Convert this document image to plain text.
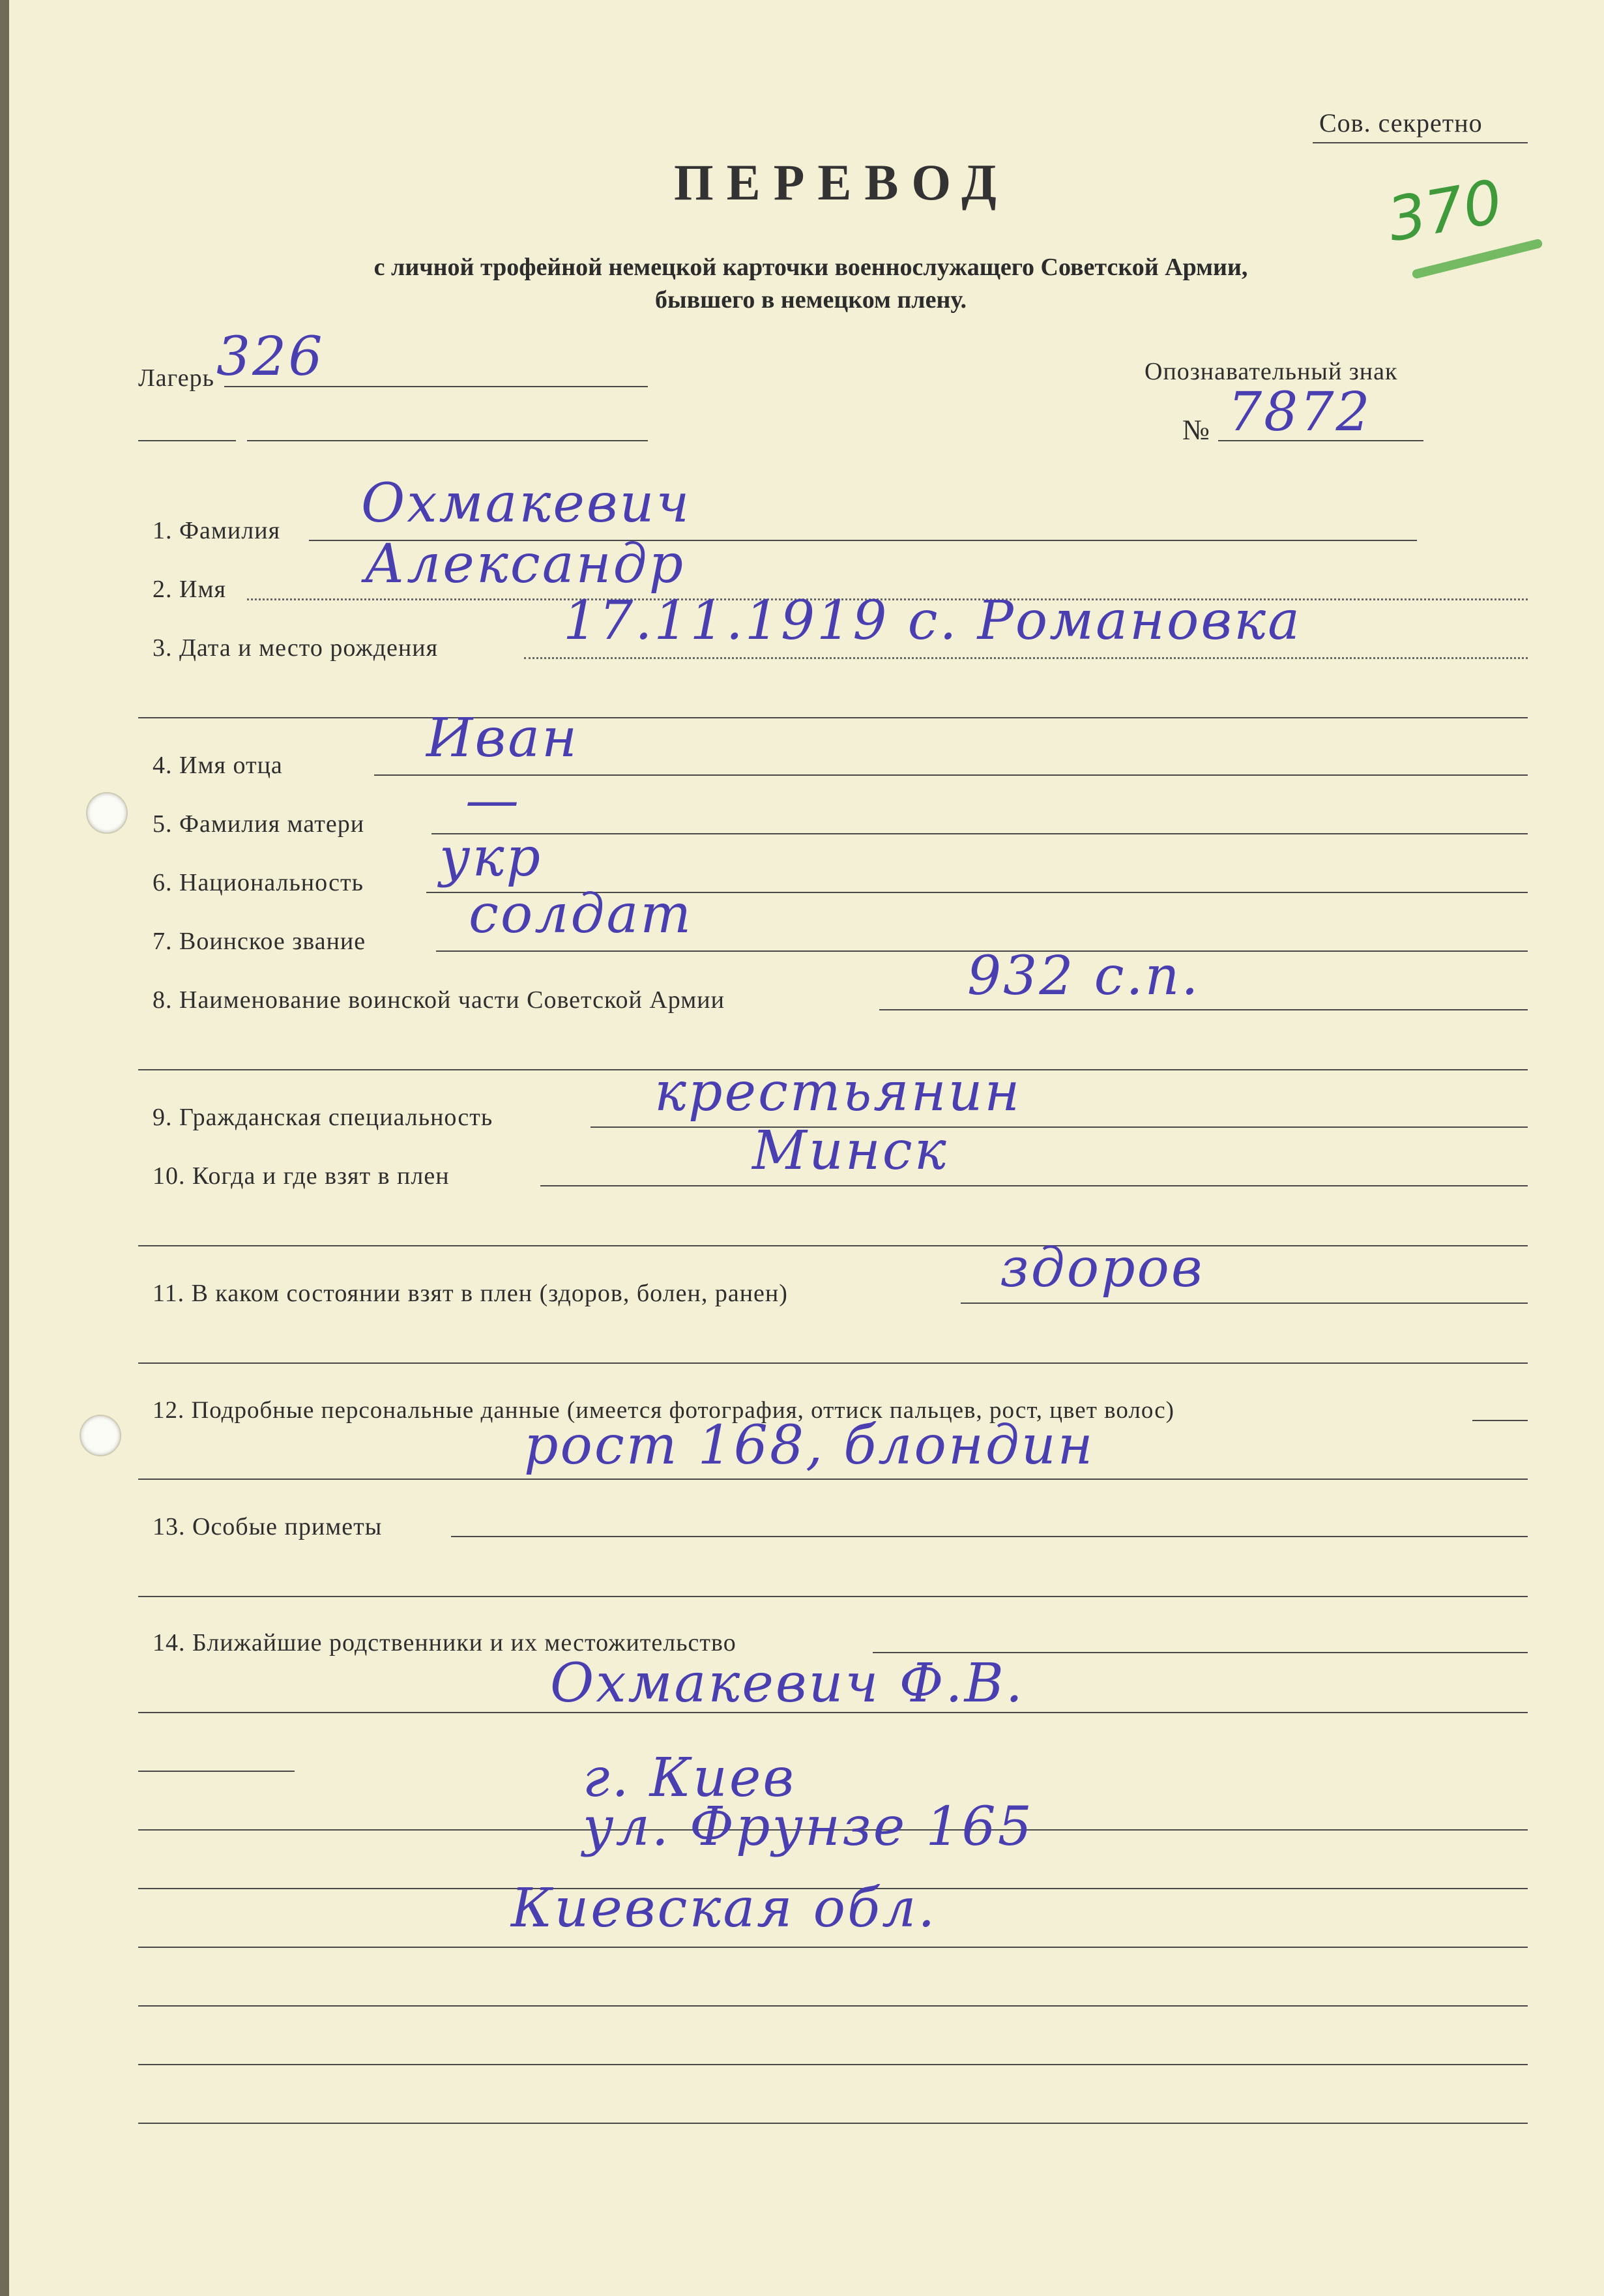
Сов. секретно
370
ПЕРЕВОД
с личной трофейной немецкой карточки военнослужащего Советской Армии,
бывшего в немецком плену.
Лагерь 326	Опознавательный знак
№ 7872
1. Фамилия Охмакевич
2. Имя	Александр
3. Дата и место рождения 17.11.1919 с. Романовка
4. Имя отца	Иван
5. Фамилия матери —
6. Национальность укр
7. Воинское звание солдат
8. Наименование воинской части Советской Армии	932 с.п.
9. Гражданская специальность	крестьянин
10. Когда и где взят в плен	Минск
11. В каком состоянии взят в плен (здоров, болен, ранен)	здоров
12. Подробные персональные данные (имеется фотография, оттиск пальцев, рост, цвет волос)
рост 168, блондин
13. Особые приметы
14. Ближайшие родственники и их местожительство
Охмакевич Ф.В.
г. Киев
ул. Фрунзе 165
Киевская обл.
